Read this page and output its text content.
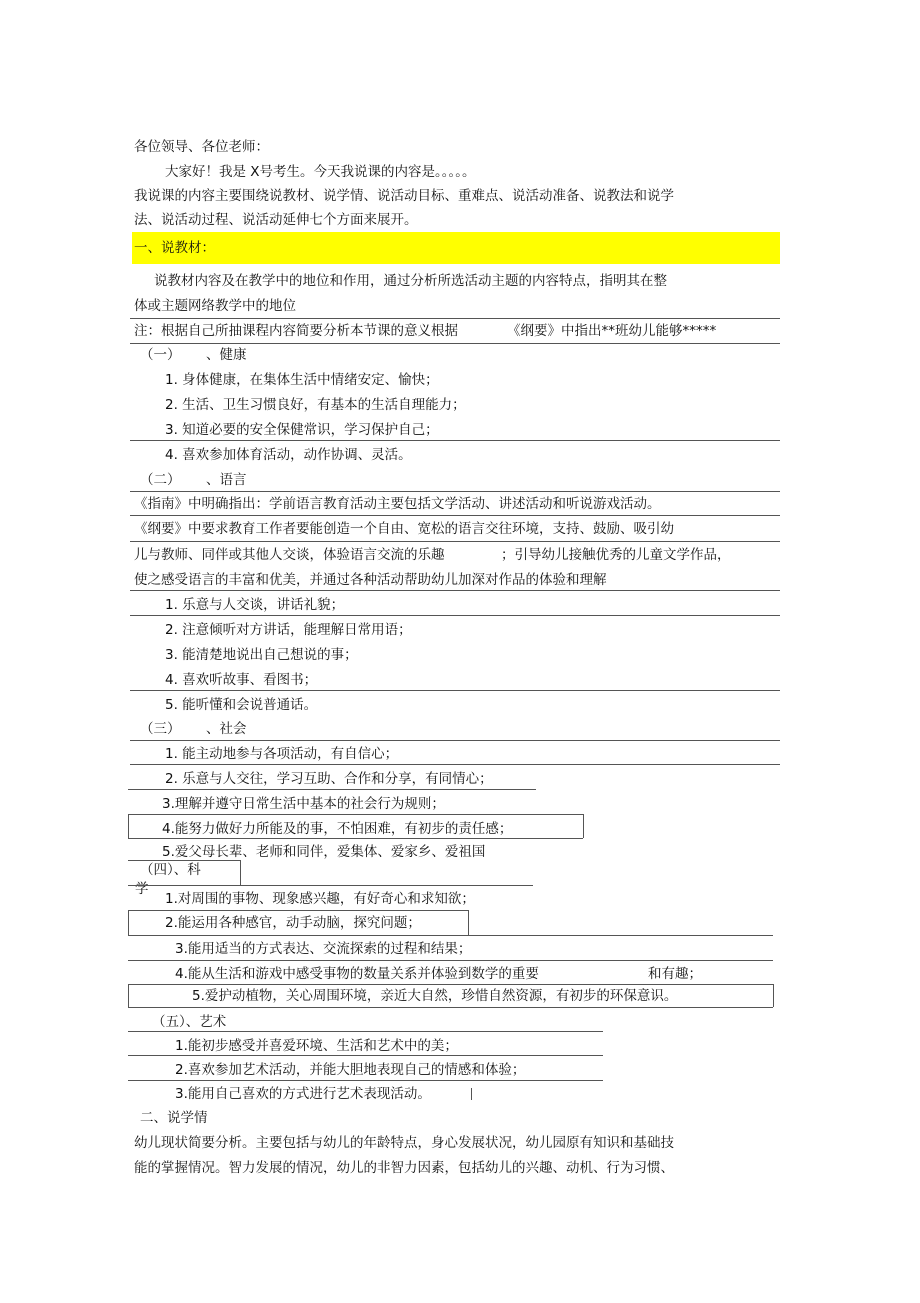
各位领导、各位老师：
大家好！我是 X号考生。今天我说课的内容是。。。。。
我说课的内容主要围绕说教材、说学情、说活动目标、重难点、说活动准备、说教法和说学
法、说活动过程、说活动延伸七个方面来展开。
一、说教材：
说教材内容及在教学中的地位和作用，通过分析所选活动主题的内容特点，指明其在整
体或主题网络教学中的地位
注：根据自己所抽课程内容简要分析本节课的意义根据	《纲要》中指出**班幼儿能够*****
（一） 、健康
1. 身体健康，在集体生活中情绪安定、愉快；
2. 生活、卫生习惯良好，有基本的生活自理能力；
3. 知道必要的安全保健常识，学习保护自己；
4. 喜欢参加体育活动，动作协调、灵活。
（二） 、语言
《指南》中明确指出：学前语言教育活动主要包括文学活动、讲述活动和听说游戏活动。
《纲要》中要求教育工作者要能创造一个自由、宽松的语言交往环境，支持、鼓励、吸引幼
儿与教师、同伴或其他人交谈，体验语言交流的乐趣	；引导幼儿接触优秀的儿童文学作品，
使之感受语言的丰富和优美，并通过各种活动帮助幼儿加深对作品的体验和理解
1. 乐意与人交谈，讲话礼貌；
2. 注意倾听对方讲话，能理解日常用语；
3. 能清楚地说出自己想说的事；
4. 喜欢听故事、看图书；
5. 能听懂和会说普通话。
（三） 、社会
1. 能主动地参与各项活动，有自信心；
2. 乐意与人交往，学习互助、合作和分享，有同情心；
3.理解并遵守日常生活中基本的社会行为规则；
4.能努力做好力所能及的事，不怕困难，有初步的责任感；
5.爱父母长辈、老师和同伴，爱集体、爱家乡、爱祖国
（四）、科
学
1.对周围的事物、现象感兴趣，有好奇心和求知欲；
2.能运用各种感官，动手动脑，探究问题；
3.能用适当的方式表达、交流探索的过程和结果；
4.能从生活和游戏中感受事物的数量关系并体验到数学的重要	和有趣；
5.爱护动植物，关心周围环境，亲近大自然，珍惜自然资源，有初步的环保意识。
（五）、艺术
1.能初步感受并喜爱环境、生活和艺术中的美；
2.喜欢参加艺术活动，并能大胆地表现自己的情感和体验；
3.能用自己喜欢的方式进行艺术表现活动。
二、说学情
幼儿现状简要分析。主要包括与幼儿的年龄特点，身心发展状况，幼儿园原有知识和基础技
能的掌握情况。智力发展的情况，幼儿的非智力因素，包括幼儿的兴趣、动机、行为习惯、
